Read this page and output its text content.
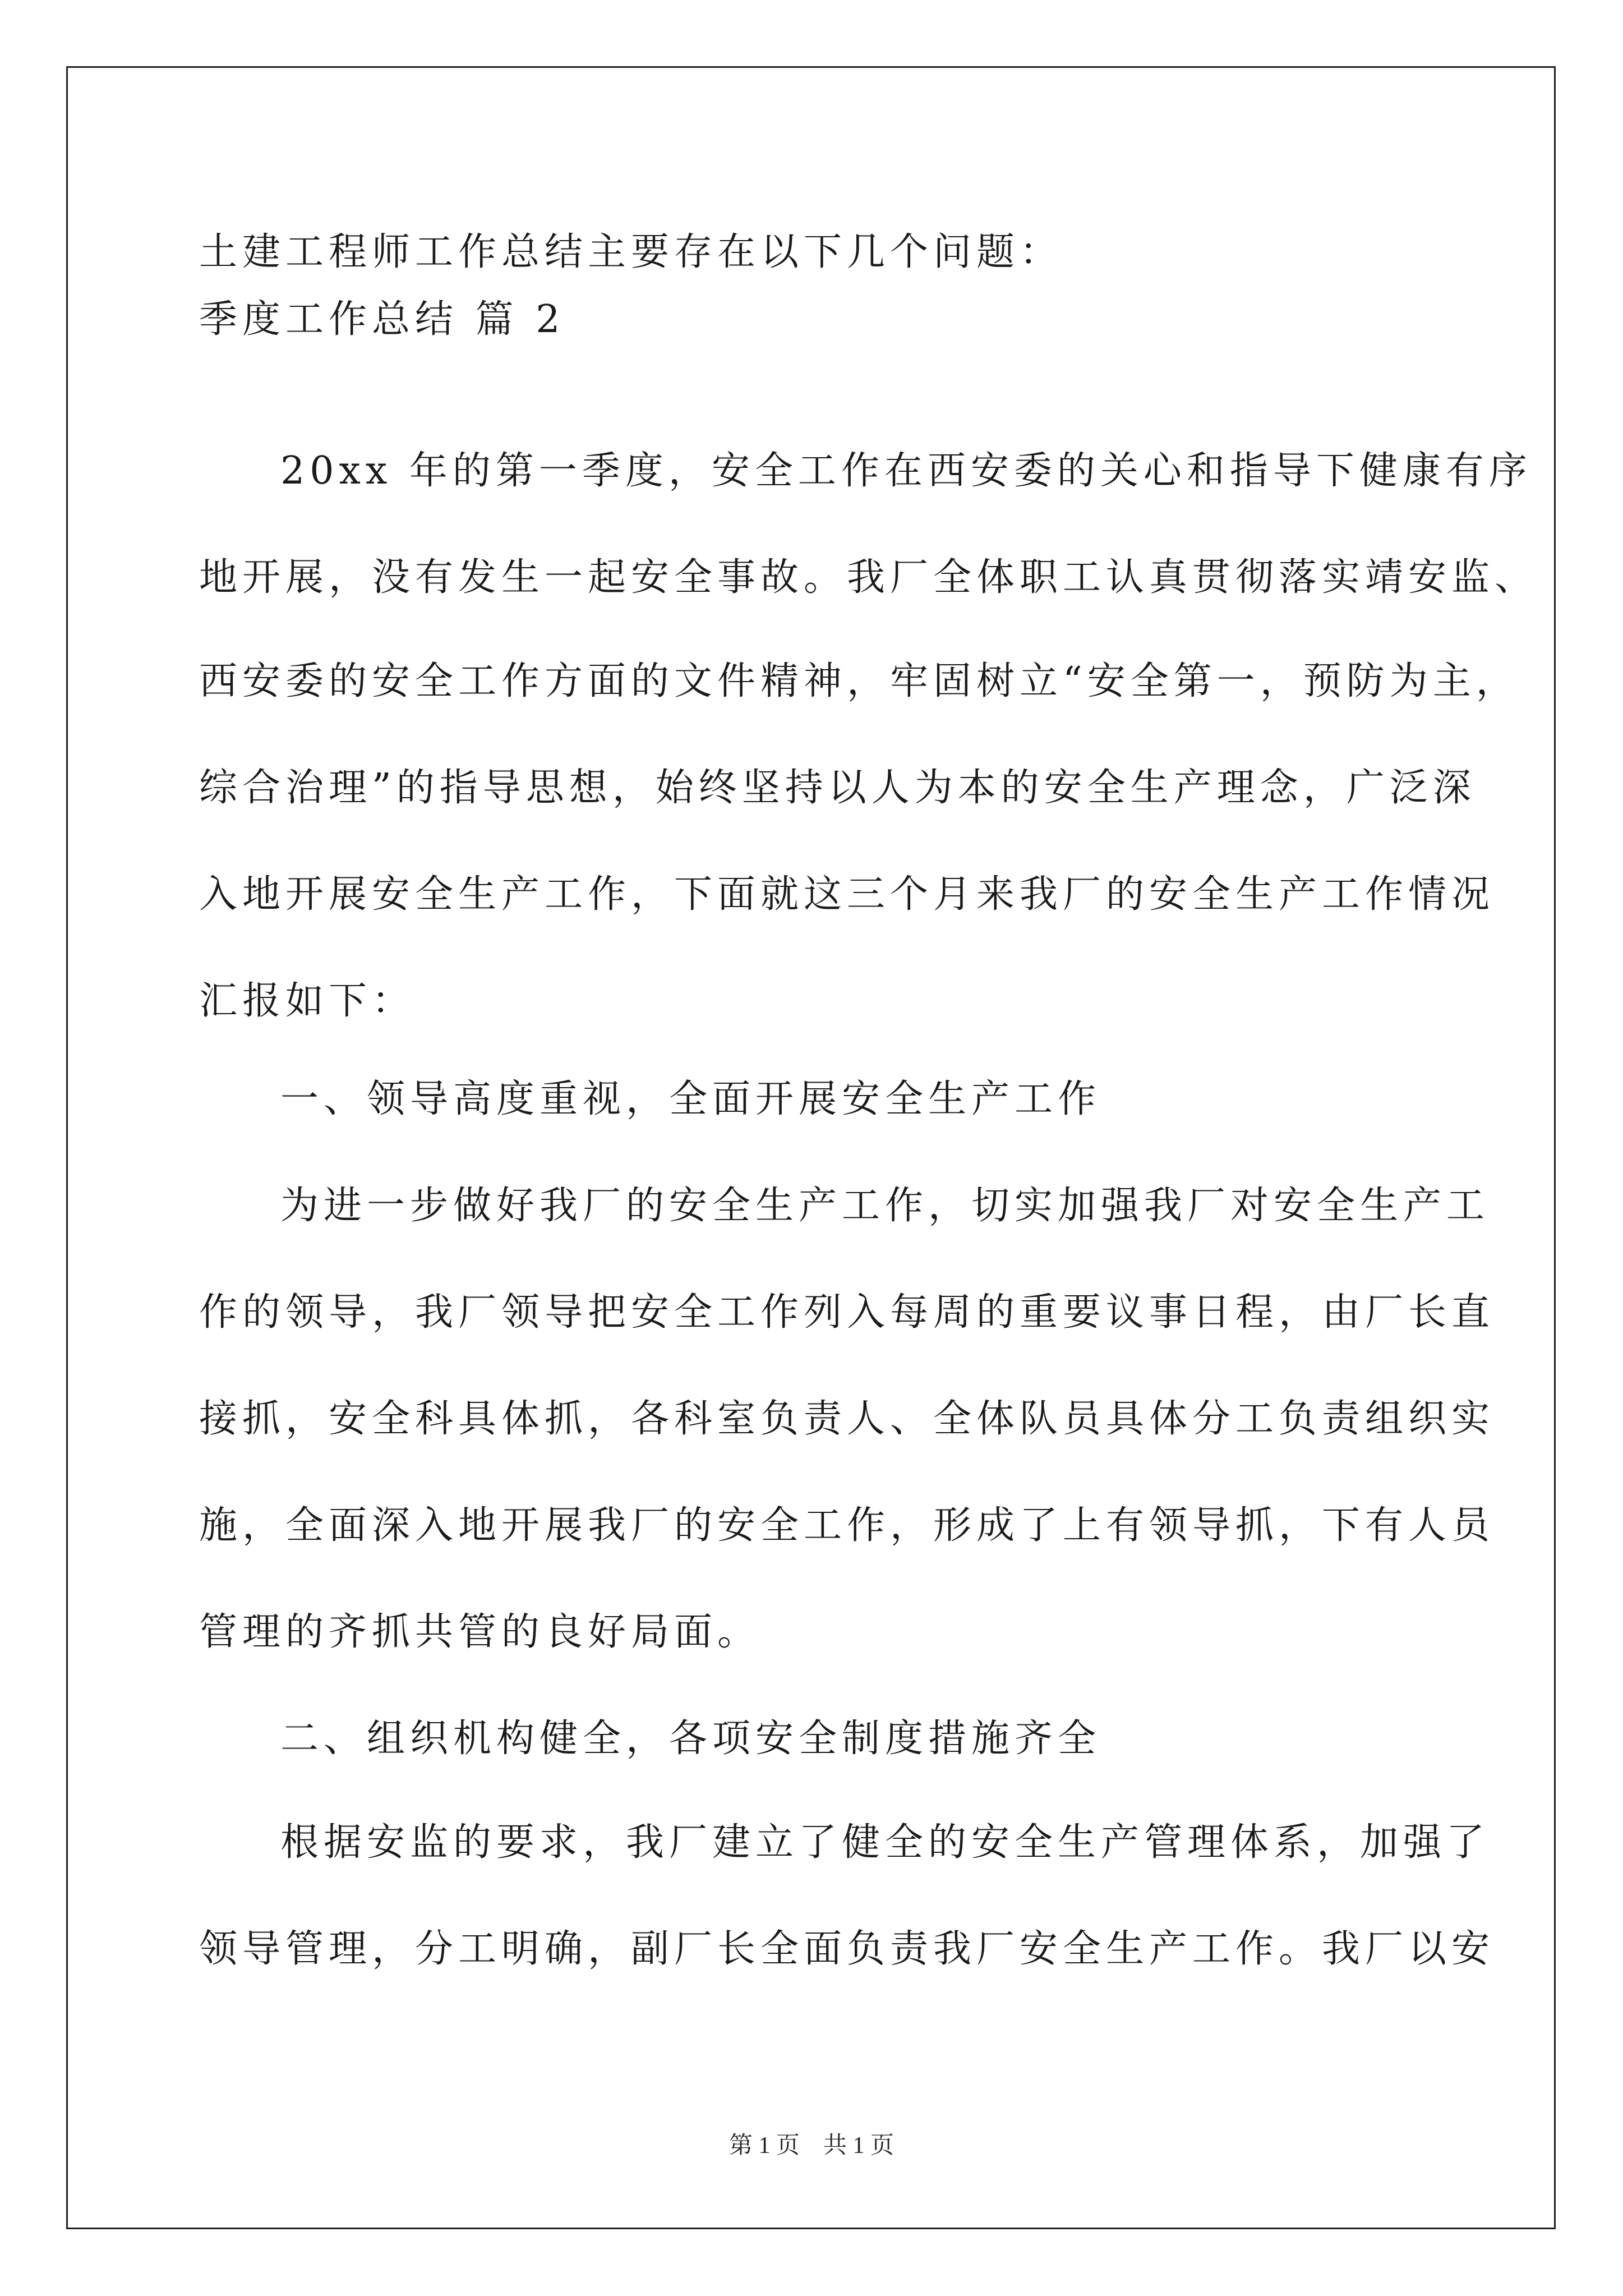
土建工程师工作总结主要存在以下几个问题：
季度工作总结 篇 2
20xx 年的第一季度，安全工作在西安委的关心和指导下健康有序
地开展，没有发生一起安全事故。我厂全体职工认真贯彻落实靖安监、
西安委的安全工作方面的文件精神，牢固树立“安全第一，预防为主，
综合治理”的指导思想，始终坚持以人为本的安全生产理念，广泛深
入地开展安全生产工作，下面就这三个月来我厂的安全生产工作情况
汇报如下：
一、领导高度重视，全面开展安全生产工作
为进一步做好我厂的安全生产工作，切实加强我厂对安全生产工
作的领导，我厂领导把安全工作列入每周的重要议事日程，由厂长直
接抓，安全科具体抓，各科室负责人、全体队员具体分工负责组织实
施，全面深入地开展我厂的安全工作，形成了上有领导抓，下有人员
管理的齐抓共管的良好局面。
二、组织机构健全，各项安全制度措施齐全
根据安监的要求，我厂建立了健全的安全生产管理体系，加强了
领导管理，分工明确，副厂长全面负责我厂安全生产工作。我厂以安
第 1 页　共 1 页
